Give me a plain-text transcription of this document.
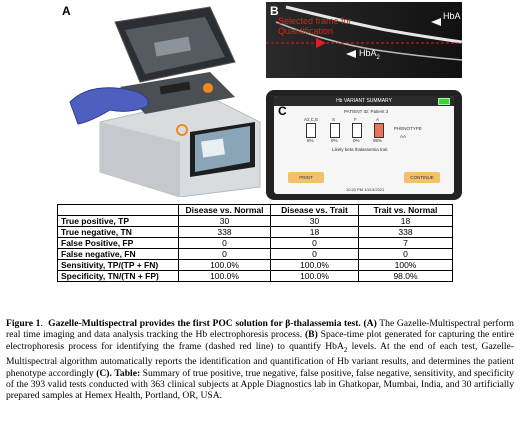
A	B
Selected frame for
Quantification
HbA
HbA$_2$
Hb VARIANT SUMMARY
PATIENT ID: Patient 3
A2,C,E	S	F	A
5%	0%	0%	95%
PHENOTYPE
AA
Likely beta thalassemia trait
PRINT	CONTINUE
10:20 PM 10/13/2021
C
	Disease vs. Normal	Disease vs. Trait	Trait vs. Normal
True positive, TP	30	30	18
True negative, TN	338	18	338
False Positive, FP	0	0	7
False negative, FN	0	0	0
Sensitivity, TP/(TP + FN)	100.0%	100.0%	100%
Specificity, TN/(TN + FP)	100.0%	100.0%	98.0%
Figure 1.  Gazelle-Multispectral provides the first POC solution for β-thalassemia test. (A) The Gazelle-Multispectral perform real time imaging and data analysis tracking the Hb electrophoresis process. (B) Space-time plot generated for capturing the entire electrophoresis process for identifying the frame (dashed red line) to quantify HbA$_2$ levels. At the end of each test, Gazelle-Multispectral algorithm automatically reports the identification and quantification of Hb variant results, and determines the patient phenotype accordingly (C). Table: Summary of true positive, true negative, false positive, false negative, sensitivity, and specificity of the 393 valid tests conducted with 363 clinical subjects at Apple Diagnostics lab in Ghatkopar, Mumbai, India, and 30 artificially prepared samples at Hemex Health, Portland, OR, USA.
